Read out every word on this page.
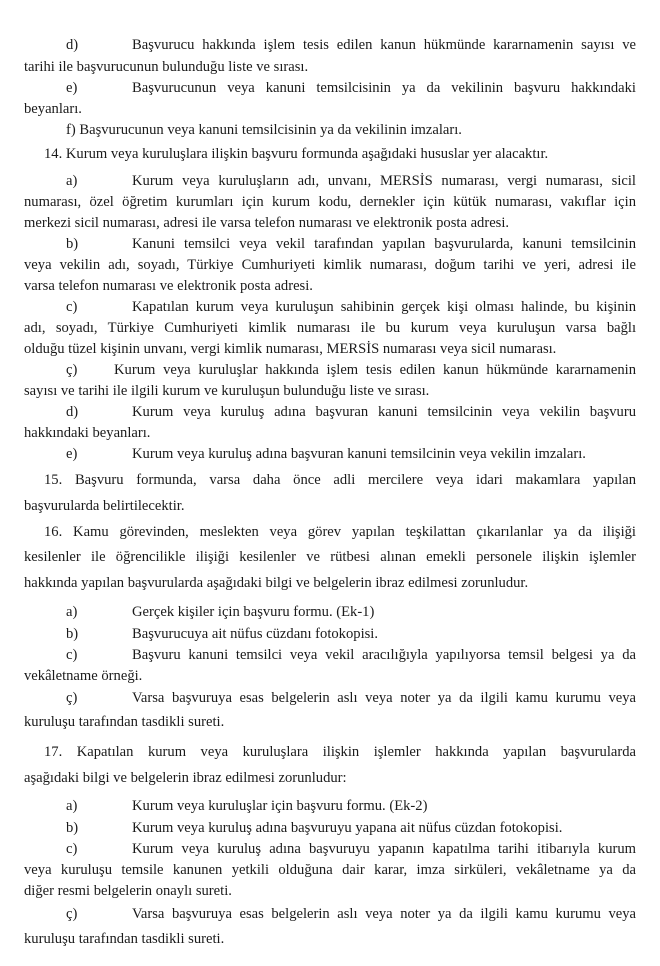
d)	Başvurucu hakkında işlem tesis edilen kanun hükmünde kararnamenin sayısı ve
tarihi ile başvurucunun bulunduğu liste ve sırası.
e)	Başvurucunun veya kanuni temsilcisinin ya da vekilinin başvuru hakkındaki
beyanları.
f) Başvurucunun veya kanuni temsilcisinin ya da vekilinin imzaları.
14. Kurum veya kuruluşlara ilişkin başvuru formunda aşağıdaki hususlar yer alacaktır.
a)	Kurum veya kuruluşların adı, unvanı, MERSİS numarası, vergi numarası, sicil
numarası, özel öğretim kurumları için kurum kodu, dernekler için kütük numarası, vakıflar için
merkezi sicil numarası, adresi ile varsa telefon numarası ve elektronik posta adresi.
b)	Kanuni temsilci veya vekil tarafından yapılan başvurularda, kanuni temsilcinin
veya vekilin adı, soyadı, Türkiye Cumhuriyeti kimlik numarası, doğum tarihi ve yeri, adresi ile
varsa telefon numarası ve elektronik posta adresi.
c)	Kapatılan kurum veya kuruluşun sahibinin gerçek kişi olması halinde, bu kişinin
adı, soyadı, Türkiye Cumhuriyeti kimlik numarası ile bu kurum veya kuruluşun varsa bağlı
olduğu tüzel kişinin unvanı, vergi kimlik numarası, MERSİS numarası veya sicil numarası.
ç)	Kurum veya kuruluşlar hakkında işlem tesis edilen kanun hükmünde kararnamenin
sayısı ve tarihi ile ilgili kurum ve kuruluşun bulunduğu liste ve sırası.
d)	Kurum veya kuruluş adına başvuran kanuni temsilcinin veya vekilin başvuru
hakkındaki beyanları.
e)	Kurum veya kuruluş adına başvuran kanuni temsilcinin veya vekilin imzaları.
15. Başvuru formunda, varsa daha önce adli mercilere veya idari makamlara yapılan
başvurularda belirtilecektir.
16. Kamu görevinden, meslekten veya görev yapılan teşkilattan çıkarılanlar ya da ilişiği
kesilenler ile öğrencilikle ilişiği kesilenler ve rütbesi alınan emekli personele ilişkin işlemler
hakkında yapılan başvurularda aşağıdaki bilgi ve belgelerin ibraz edilmesi zorunludur.
a)	Gerçek kişiler için başvuru formu. (Ek-1)
b)	Başvurucuya ait nüfus cüzdanı fotokopisi.
c)	Başvuru kanuni temsilci veya vekil aracılığıyla yapılıyorsa temsil belgesi ya da
vekâletname örneği.
ç)	Varsa başvuruya esas belgelerin aslı veya noter ya da ilgili kamu kurumu veya
kuruluşu tarafından tasdikli sureti.
17. Kapatılan kurum veya kuruluşlara ilişkin işlemler hakkında yapılan başvurularda
aşağıdaki bilgi ve belgelerin ibraz edilmesi zorunludur:
a)	Kurum veya kuruluşlar için başvuru formu. (Ek-2)
b)	Kurum veya kuruluş adına başvuruyu yapana ait nüfus cüzdan fotokopisi.
c)	Kurum veya kuruluş adına başvuruyu yapanın kapatılma tarihi itibarıyla kurum
veya kuruluşu temsile kanunen yetkili olduğuna dair karar, imza sirküleri, vekâletname ya da
diğer resmi belgelerin onaylı sureti.
ç)	Varsa başvuruya esas belgelerin aslı veya noter ya da ilgili kamu kurumu veya
kuruluşu tarafından tasdikli sureti.
